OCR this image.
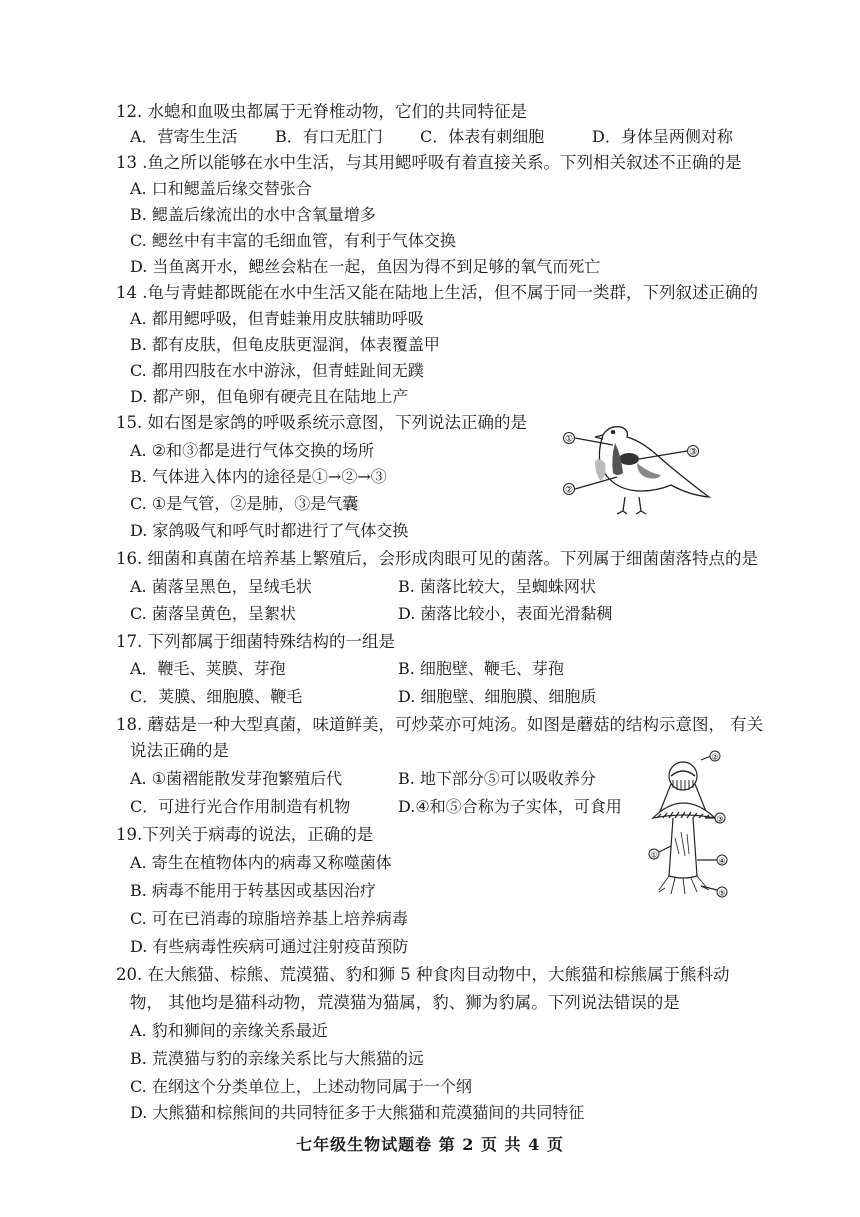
12. 水螅和血吸虫都属于无脊椎动物，它们的共同特征是
A．营寄生生活 B．有口无肛门 C．体表有刺细胞	D．身体呈两侧对称
13 .鱼之所以能够在水中生活，与其用鳃呼吸有着直接关系。下列相关叙述不正确的是
A. 口和鳃盖后缘交替张合
B. 鳃盖后缘流出的水中含氧量增多
C. 鳃丝中有丰富的毛细血管，有利于气体交换
D. 当鱼离开水，鳃丝会粘在一起，鱼因为得不到足够的氧气而死亡
14 .龟与青蛙都既能在水中生活又能在陆地上生活，但不属于同一类群，下列叙述正确的
A. 都用鳃呼吸，但青蛙兼用皮肤辅助呼吸
B. 都有皮肤，但龟皮肤更湿润，体表覆盖甲
C. 都用四肢在水中游泳，但青蛙趾间无蹼
D. 都产卵，但龟卵有硬壳且在陆地上产
15. 如右图是家鸽的呼吸系统示意图，下列说法正确的是
A. ②和③都是进行气体交换的场所
B. 气体进入体内的途径是①→②→③
C. ①是气管，②是肺，③是气囊
D. 家鸽吸气和呼气时都进行了气体交换
①
②
③
16. 细菌和真菌在培养基上繁殖后，会形成肉眼可见的菌落。下列属于细菌菌落特点的是
A. 菌落呈黑色，呈绒毛状	B. 菌落比较大，呈蜘蛛网状
C. 菌落呈黄色，呈絮状	D. 菌落比较小，表面光滑黏稠
17. 下列都属于细菌特殊结构的一组是
A．鞭毛、荚膜、芽孢	B. 细胞壁、鞭毛、芽孢
C．荚膜、细胞膜、鞭毛	D. 细胞壁、细胞膜、细胞质
18. 蘑菇是一种大型真菌，味道鲜美，可炒菜亦可炖汤。如图是蘑菇的结构示意图， 有关
说法正确的是
A. ①菌褶能散发芽孢繁殖后代	B. 地下部分⑤可以吸收养分
C．可进行光合作用制造有机物	D.④和⑤合称为子实体，可食用
①
②
③
④
⑤
19.下列关于病毒的说法，正确的是
A. 寄生在植物体内的病毒又称噬菌体
B. 病毒不能用于转基因或基因治疗
C. 可在已消毒的琼脂培养基上培养病毒
D. 有些病毒性疾病可通过注射疫苗预防
20. 在大熊猫、棕熊、荒漠猫、豹和狮 5 种食肉目动物中，大熊猫和棕熊属于熊科动
物， 其他均是猫科动物，荒漠猫为猫属，豹、狮为豹属。下列说法错误的是
A. 豹和狮间的亲缘关系最近
B. 荒漠猫与豹的亲缘关系比与大熊猫的远
C. 在纲这个分类单位上，上述动物同属于一个纲
D. 大熊猫和棕熊间的共同特征多于大熊猫和荒漠猫间的共同特征
七年级生物试题卷 第 2 页 共 4 页
